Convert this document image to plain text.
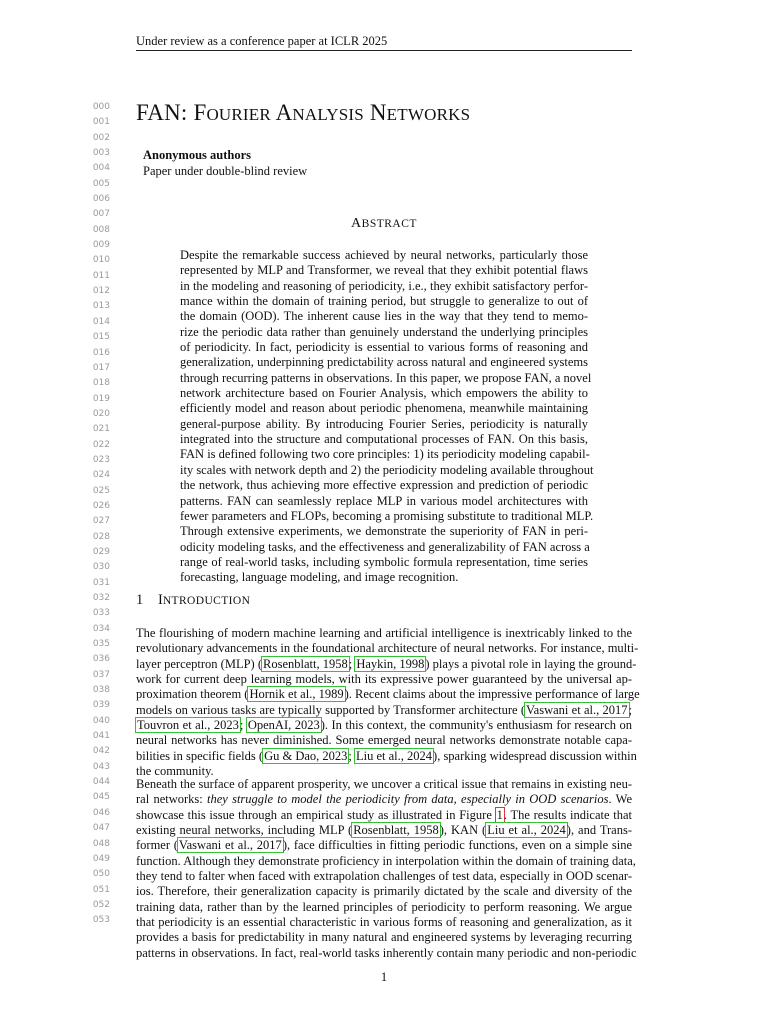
Under review as a conference paper at ICLR 2025
000
001
002
003
004
005
006
007
008
009
010
011
012
013
014
015
016
017
018
019
020
021
022
023
024
025
026
027
028
029
030
031
032
033
034
035
036
037
038
039
040
041
042
043
044
045
046
047
048
049
050
051
052
053
FAN: FOURIER ANALYSIS NETWORKS
Anonymous authors
Paper under double-blind review
ABSTRACT
Despite the remarkable success achieved by neural networks, particularly those
represented by MLP and Transformer, we reveal that they exhibit potential flaws
in the modeling and reasoning of periodicity, i.e., they exhibit satisfactory perfor-
mance within the domain of training period, but struggle to generalize to out of
the domain (OOD). The inherent cause lies in the way that they tend to memo-
rize the periodic data rather than genuinely understand the underlying principles
of periodicity. In fact, periodicity is essential to various forms of reasoning and
generalization, underpinning predictability across natural and engineered systems
through recurring patterns in observations. In this paper, we propose FAN, a novel
network architecture based on Fourier Analysis, which empowers the ability to
efficiently model and reason about periodic phenomena, meanwhile maintaining
general-purpose ability. By introducing Fourier Series, periodicity is naturally
integrated into the structure and computational processes of FAN. On this basis,
FAN is defined following two core principles: 1) its periodicity modeling capabil-
ity scales with network depth and 2) the periodicity modeling available throughout
the network, thus achieving more effective expression and prediction of periodic
patterns. FAN can seamlessly replace MLP in various model architectures with
fewer parameters and FLOPs, becoming a promising substitute to traditional MLP.
Through extensive experiments, we demonstrate the superiority of FAN in peri-
odicity modeling tasks, and the effectiveness and generalizability of FAN across a
range of real-world tasks, including symbolic formula representation, time series
forecasting, language modeling, and image recognition.
1 INTRODUCTION
The flourishing of modern machine learning and artificial intelligence is inextricably linked to the
revolutionary advancements in the foundational architecture of neural networks. For instance, multi-
layer perceptron (MLP) (Rosenblatt, 1958; Haykin, 1998) plays a pivotal role in laying the ground-
work for current deep learning models, with its expressive power guaranteed by the universal ap-
proximation theorem (Hornik et al., 1989). Recent claims about the impressive performance of large
models on various tasks are typically supported by Transformer architecture (Vaswani et al., 2017;
Touvron et al., 2023; OpenAI, 2023). In this context, the community's enthusiasm for research on
neural networks has never diminished. Some emerged neural networks demonstrate notable capa-
bilities in specific fields (Gu & Dao, 2023; Liu et al., 2024), sparking widespread discussion within
the community.
Beneath the surface of apparent prosperity, we uncover a critical issue that remains in existing neu-
ral networks: they struggle to model the periodicity from data, especially in OOD scenarios. We
showcase this issue through an empirical study as illustrated in Figure 1. The results indicate that
existing neural networks, including MLP (Rosenblatt, 1958), KAN (Liu et al., 2024), and Trans-
former (Vaswani et al., 2017), face difficulties in fitting periodic functions, even on a simple sine
function. Although they demonstrate proficiency in interpolation within the domain of training data,
they tend to falter when faced with extrapolation challenges of test data, especially in OOD scenar-
ios. Therefore, their generalization capacity is primarily dictated by the scale and diversity of the
training data, rather than by the learned principles of periodicity to perform reasoning. We argue
that periodicity is an essential characteristic in various forms of reasoning and generalization, as it
provides a basis for predictability in many natural and engineered systems by leveraging recurring
patterns in observations. In fact, real-world tasks inherently contain many periodic and non-periodic
1
